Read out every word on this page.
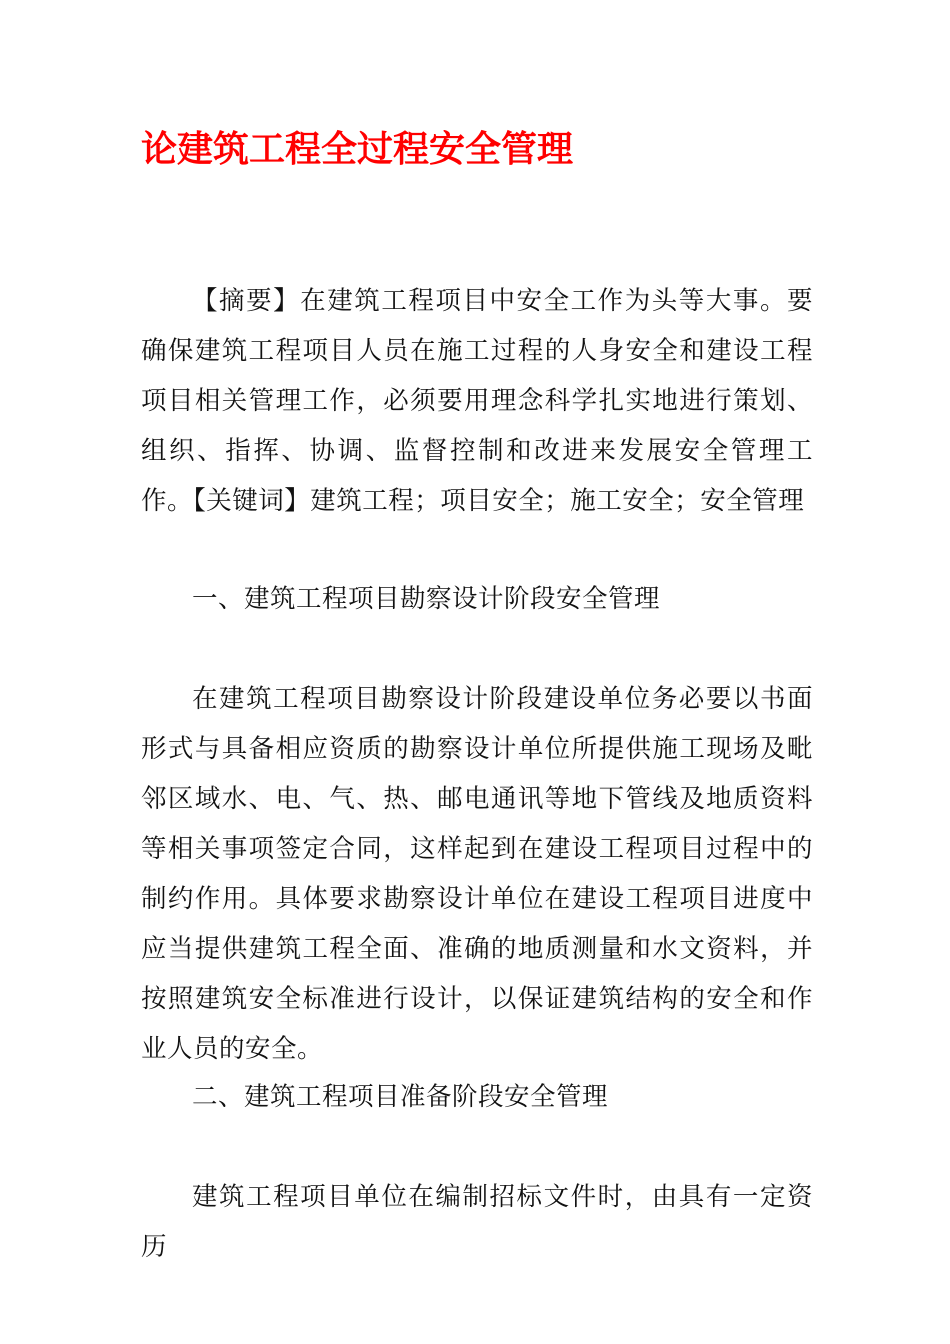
论建筑工程全过程安全管理

【摘要】在建筑工程项目中安全工作为头等大事。要确保建筑工程项目人员在施工过程的人身安全和建设工程项目相关管理工作，必须要用理念科学扎实地进行策划、组织、指挥、协调、监督控制和改进来发展安全管理工作。【关键词】建筑工程；项目安全；施工安全；安全管理

一、建筑工程项目勘察设计阶段安全管理

在建筑工程项目勘察设计阶段建设单位务必要以书面形式与具备相应资质的勘察设计单位所提供施工现场及毗邻区域水、电、气、热、邮电通讯等地下管线及地质资料等相关事项签定合同，这样起到在建设工程项目过程中的制约作用。具体要求勘察设计单位在建设工程项目进度中应当提供建筑工程全面、准确的地质测量和水文资料，并按照建筑安全标准进行设计，以保证建筑结构的安全和作业人员的安全。

二、建筑工程项目准备阶段安全管理

建筑工程项目单位在编制招标文件时，由具有一定资历
